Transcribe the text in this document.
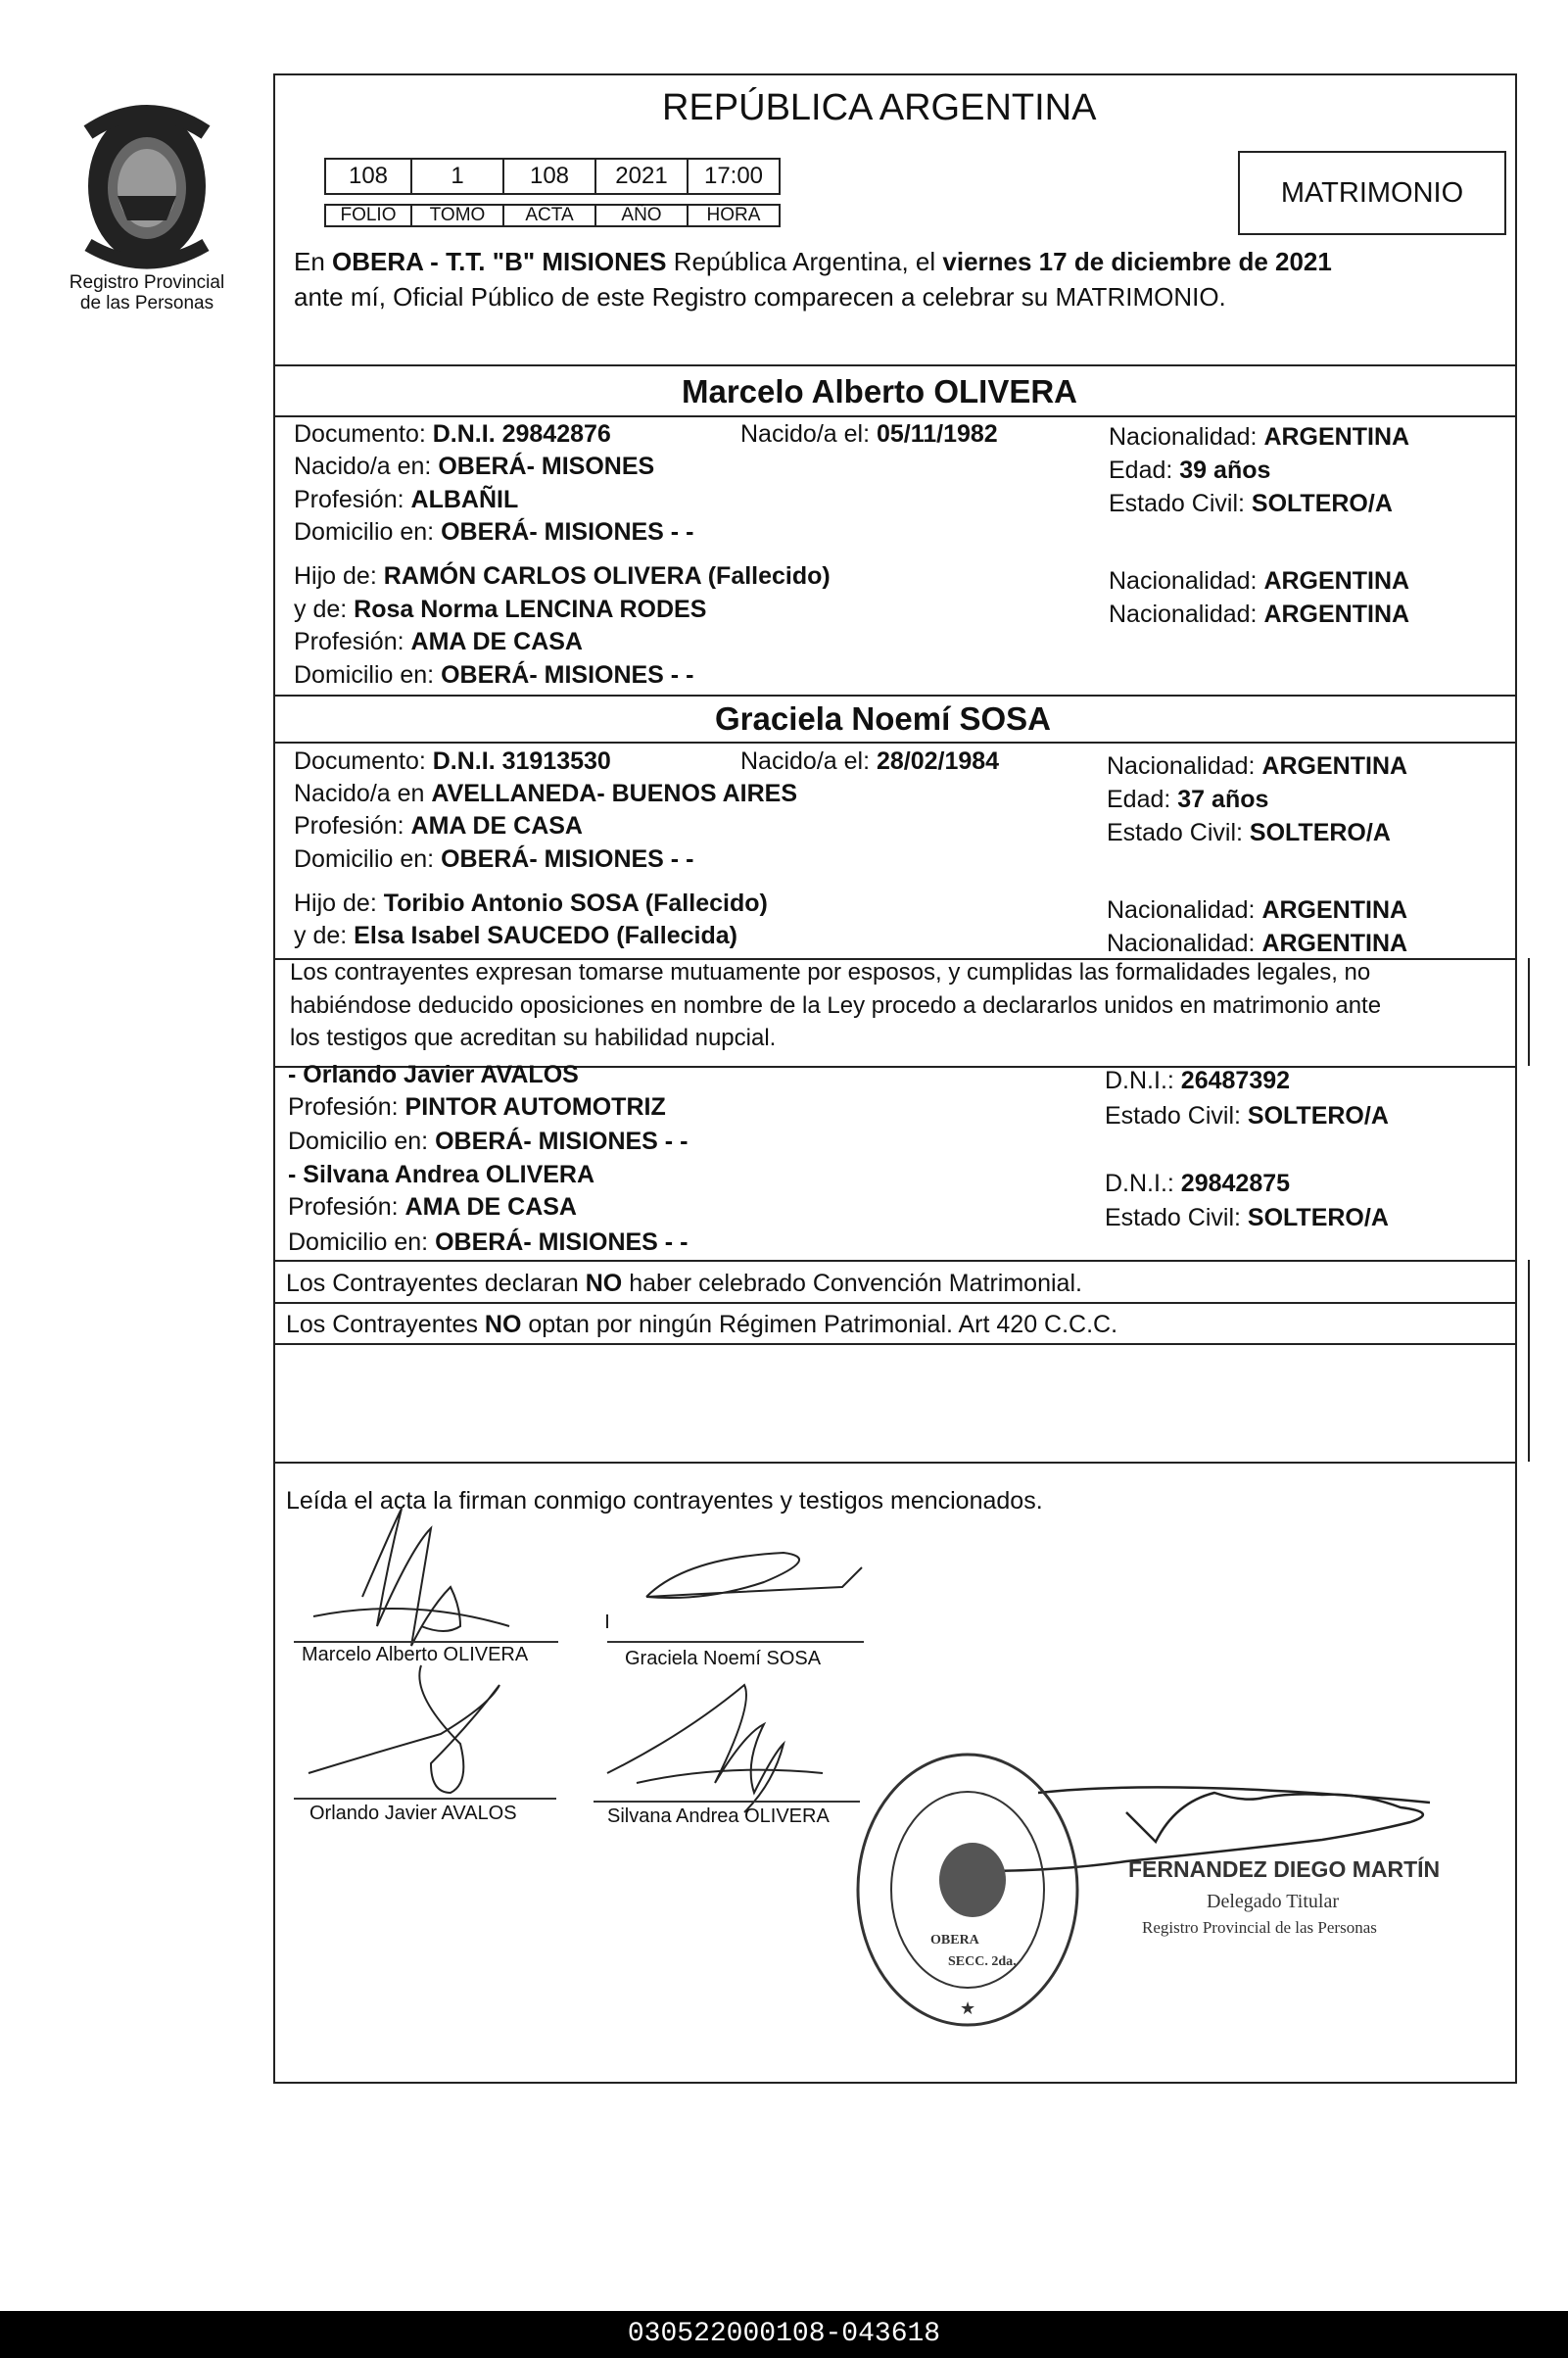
Registro Provincial
de las Personas
REPÚBLICA ARGENTINA
108	1	108	2021	17:00
FOLIO	TOMO	ACTA	AÑO	HORA
MATRIMONIO
En OBERA - T.T. "B" MISIONES República Argentina, el viernes 17 de diciembre de 2021
ante mí, Oficial Público de este Registro comparecen a celebrar su MATRIMONIO.
Marcelo Alberto OLIVERA
Documento: D.N.I. 29842876	Nacido/a el: 05/11/1982	Nacionalidad: ARGENTINA
Nacido/a en: OBERÁ- MISONES	Edad: 39 años
Profesión: ALBAÑIL	Estado Civil: SOLTERO/A
Domicilio en: OBERÁ- MISIONES - -
Hijo de: RAMÓN CARLOS OLIVERA (Fallecido)	Nacionalidad: ARGENTINA
y de: Rosa Norma LENCINA RODES	Nacionalidad: ARGENTINA
Profesión: AMA DE CASA
Domicilio en: OBERÁ- MISIONES - -
Graciela Noemí SOSA
Documento: D.N.I. 31913530	Nacido/a el: 28/02/1984	Nacionalidad: ARGENTINA
Nacido/a en AVELLANEDA- BUENOS AIRES	Edad: 37 años
Profesión: AMA DE CASA	Estado Civil: SOLTERO/A
Domicilio en: OBERÁ- MISIONES - -
Hijo de: Toribio Antonio SOSA (Fallecido)	Nacionalidad: ARGENTINA
y de: Elsa Isabel SAUCEDO (Fallecida)	Nacionalidad: ARGENTINA
Los contrayentes expresan tomarse mutuamente por esposos, y cumplidas las formalidades legales, no
habiéndose deducido oposiciones en nombre de la Ley procedo a declararlos unidos en matrimonio ante
los testigos que acreditan su habilidad nupcial.
- Orlando Javier AVALOS	D.N.I.: 26487392
Profesión: PINTOR AUTOMOTRIZ	Estado Civil: SOLTERO/A
Domicilio en: OBERÁ- MISIONES - -
- Silvana Andrea OLIVERA	D.N.I.: 29842875
Profesión: AMA DE CASA	Estado Civil: SOLTERO/A
Domicilio en: OBERÁ- MISIONES - -
Los Contrayentes declaran NO haber celebrado Convención Matrimonial.
Los Contrayentes NO optan por ningún Régimen Patrimonial. Art 420 C.C.C.
Leída el acta la firman conmigo contrayentes y testigos mencionados.
Marcelo Alberto OLIVERA	Graciela Noemí SOSA
Orlando Javier AVALOS	Silvana Andrea OLIVERA
OBERA
SECC. 2da.
★
FERNANDEZ DIEGO MARTÍN
Delegado Titular
Registro Provincial de las Personas
030522000108-043618
